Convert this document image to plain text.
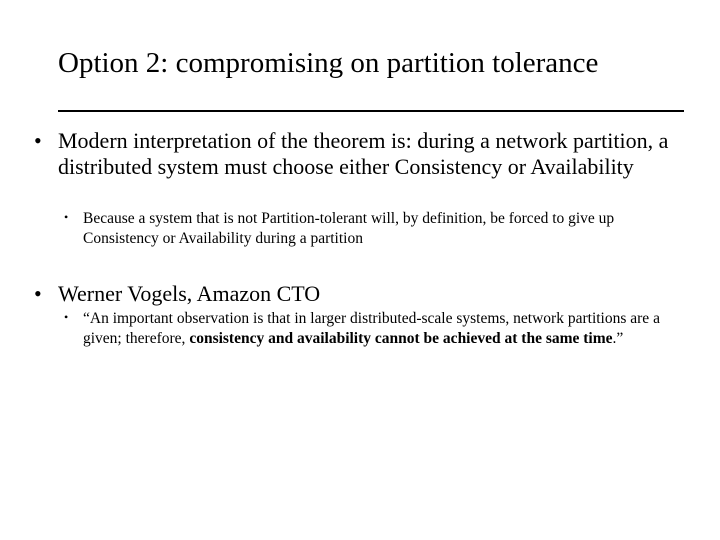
Option 2: compromising on partition tolerance
• Modern interpretation of the theorem is: during a network partition, a distributed system must choose either Consistency or Availability
• Because a system that is not Partition-tolerant will, by definition, be forced to give up Consistency or Availability during a partition
• Werner Vogels, Amazon CTO
• “An important observation is that in larger distributed-scale systems, network partitions are a given; therefore, consistency and availability cannot be achieved at the same time.”
